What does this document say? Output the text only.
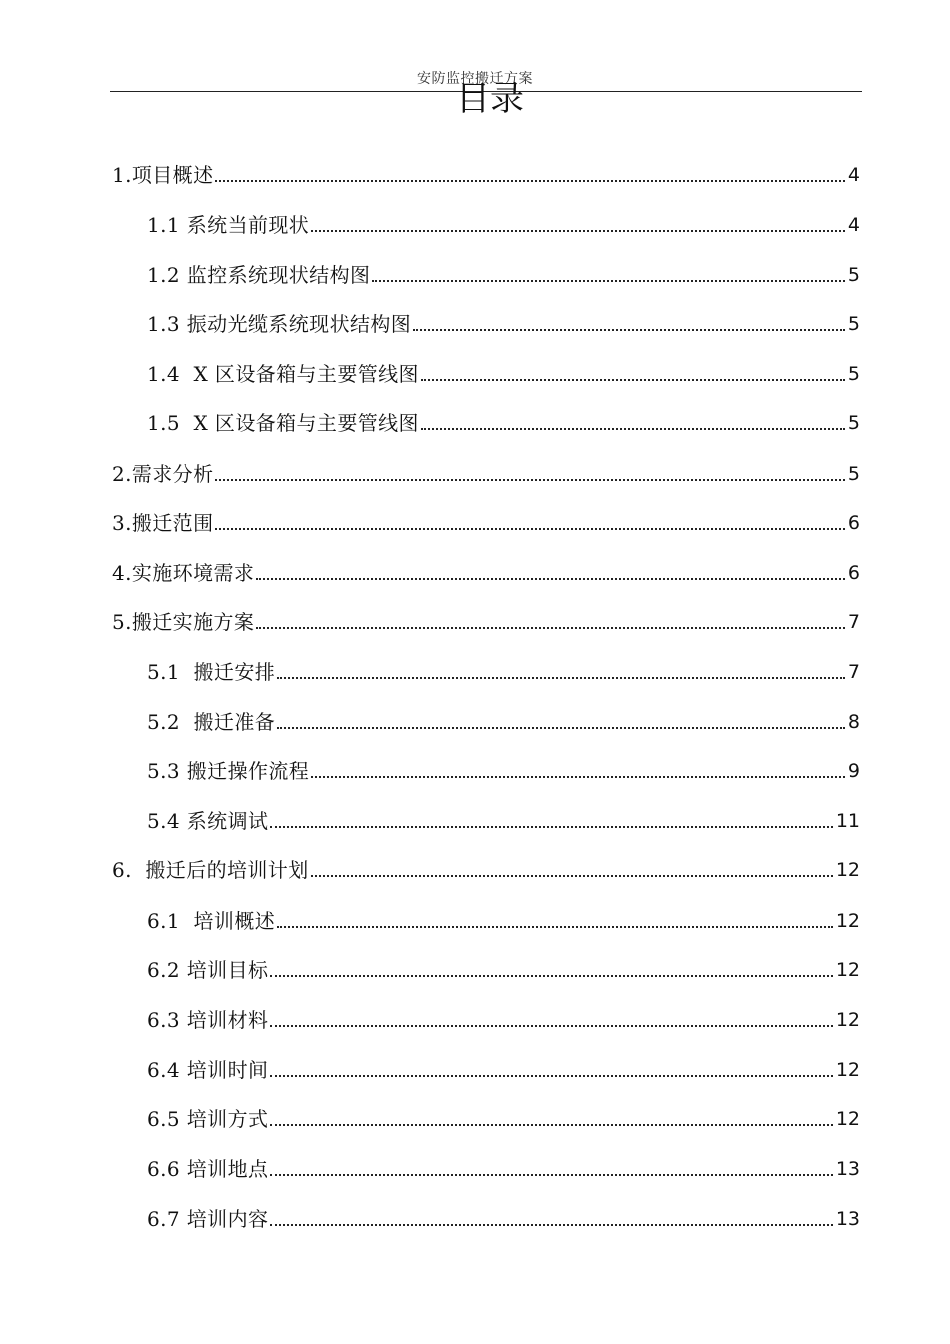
安防监控搬迁方案
目录
1.项目概述	4
1.1 系统当前现状	4
1.2 监控系统现状结构图	5
1.3 振动光缆系统现状结构图	5
1.4  X 区设备箱与主要管线图	5
1.5  X 区设备箱与主要管线图	5
2.需求分析	5
3.搬迁范围	6
4.实施环境需求	6
5.搬迁实施方案	7
5.1  搬迁安排	7
5.2  搬迁准备	8
5.3 搬迁操作流程	9
5.4 系统调试	11
6.  搬迁后的培训计划	12
6.1  培训概述	12
6.2 培训目标	12
6.3 培训材料	12
6.4 培训时间	12
6.5 培训方式	12
6.6 培训地点	13
6.7 培训内容	13
